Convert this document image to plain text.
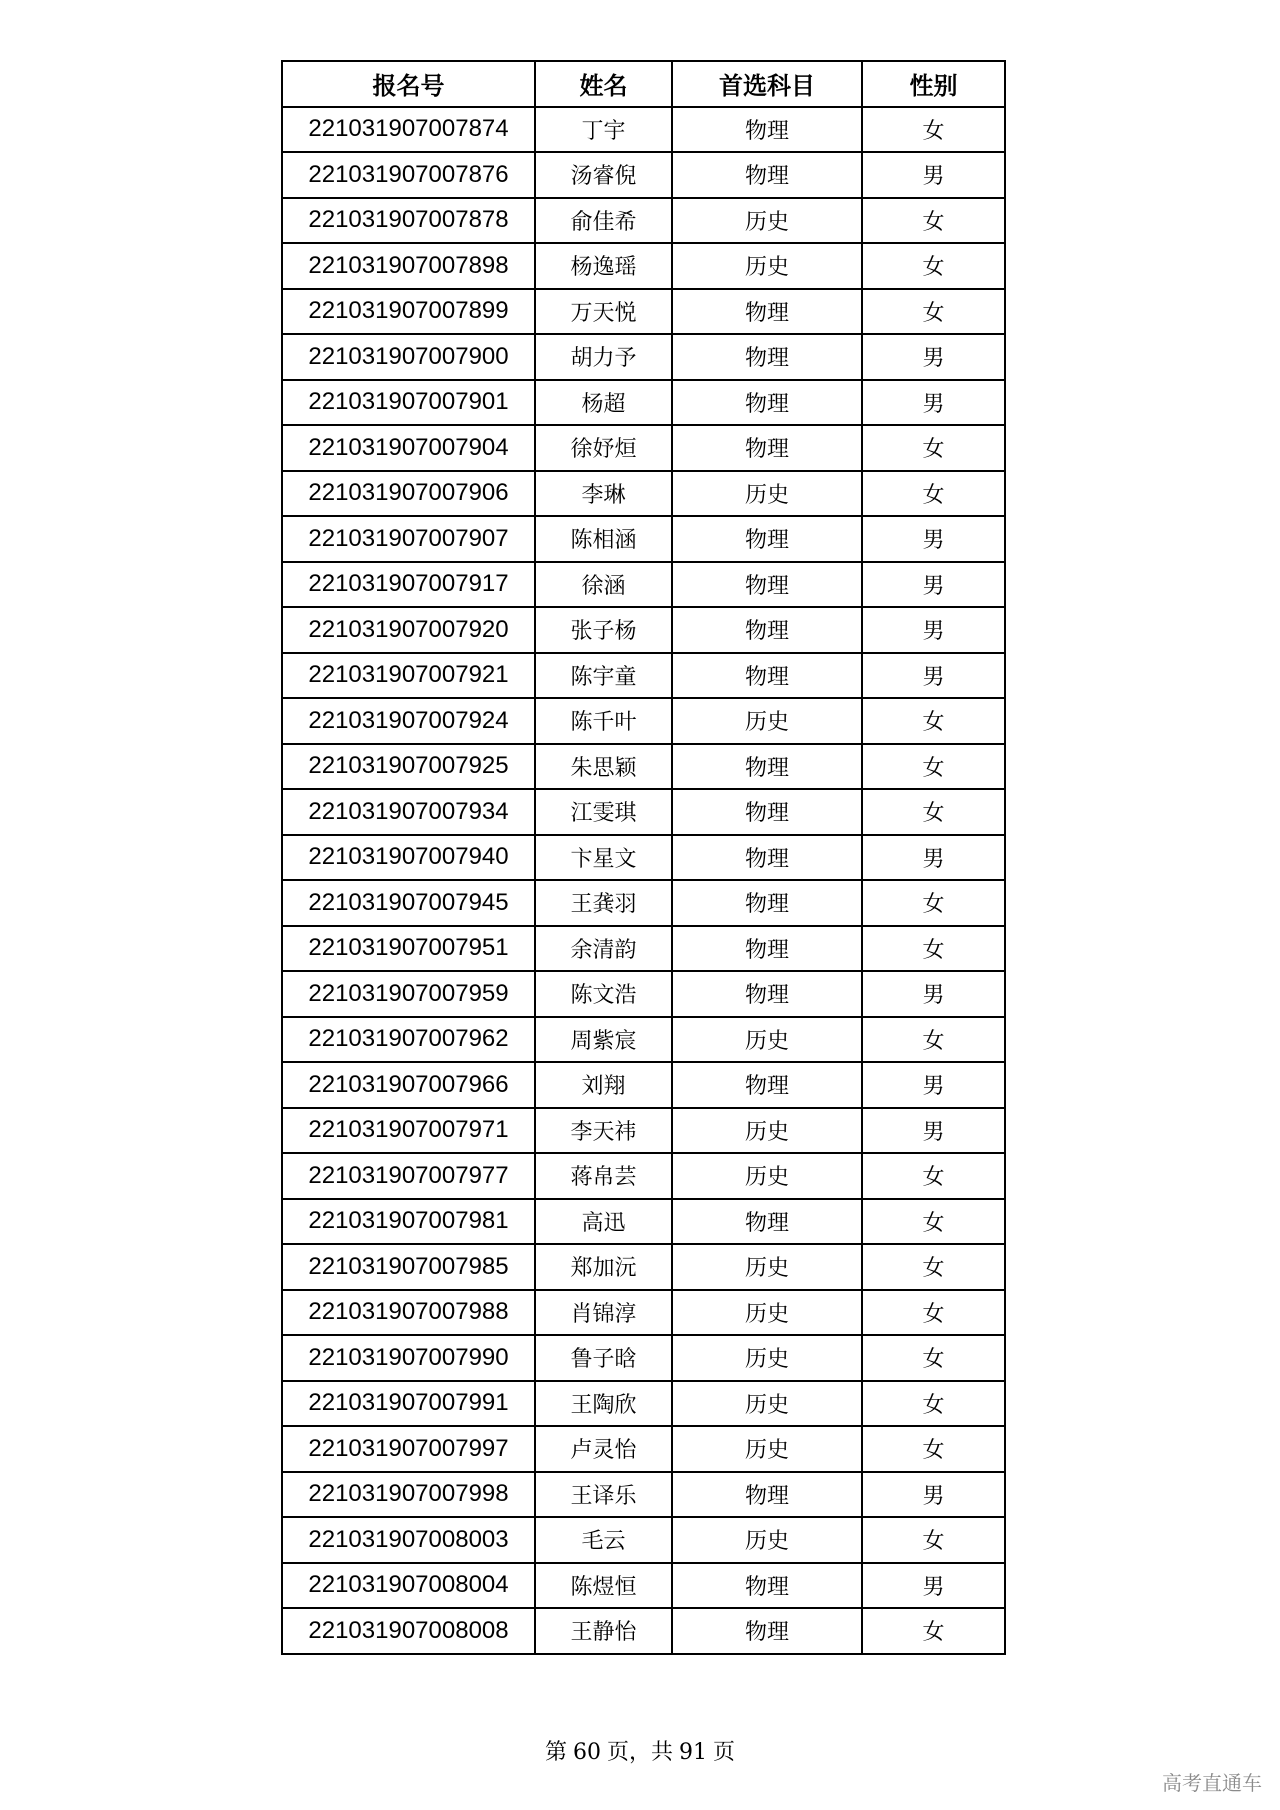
报名号	姓名	首选科目	性别
221031907007874	丁宇	物理	女
221031907007876	汤睿倪	物理	男
221031907007878	俞佳希	历史	女
221031907007898	杨逸瑶	历史	女
221031907007899	万天悦	物理	女
221031907007900	胡力予	物理	男
221031907007901	杨超	物理	男
221031907007904	徐妤烜	物理	女
221031907007906	李琳	历史	女
221031907007907	陈相涵	物理	男
221031907007917	徐涵	物理	男
221031907007920	张子杨	物理	男
221031907007921	陈宇童	物理	男
221031907007924	陈千叶	历史	女
221031907007925	朱思颖	物理	女
221031907007934	江雯琪	物理	女
221031907007940	卞星文	物理	男
221031907007945	王龚羽	物理	女
221031907007951	余清韵	物理	女
221031907007959	陈文浩	物理	男
221031907007962	周紫宸	历史	女
221031907007966	刘翔	物理	男
221031907007971	李天祎	历史	男
221031907007977	蒋帛芸	历史	女
221031907007981	高迅	物理	女
221031907007985	郑加沅	历史	女
221031907007988	肖锦淳	历史	女
221031907007990	鲁子晗	历史	女
221031907007991	王陶欣	历史	女
221031907007997	卢灵怡	历史	女
221031907007998	王译乐	物理	男
221031907008003	毛云	历史	女
221031907008004	陈煜恒	物理	男
221031907008008	王静怡	物理	女
第 60 页，共 91 页
高考直通车
